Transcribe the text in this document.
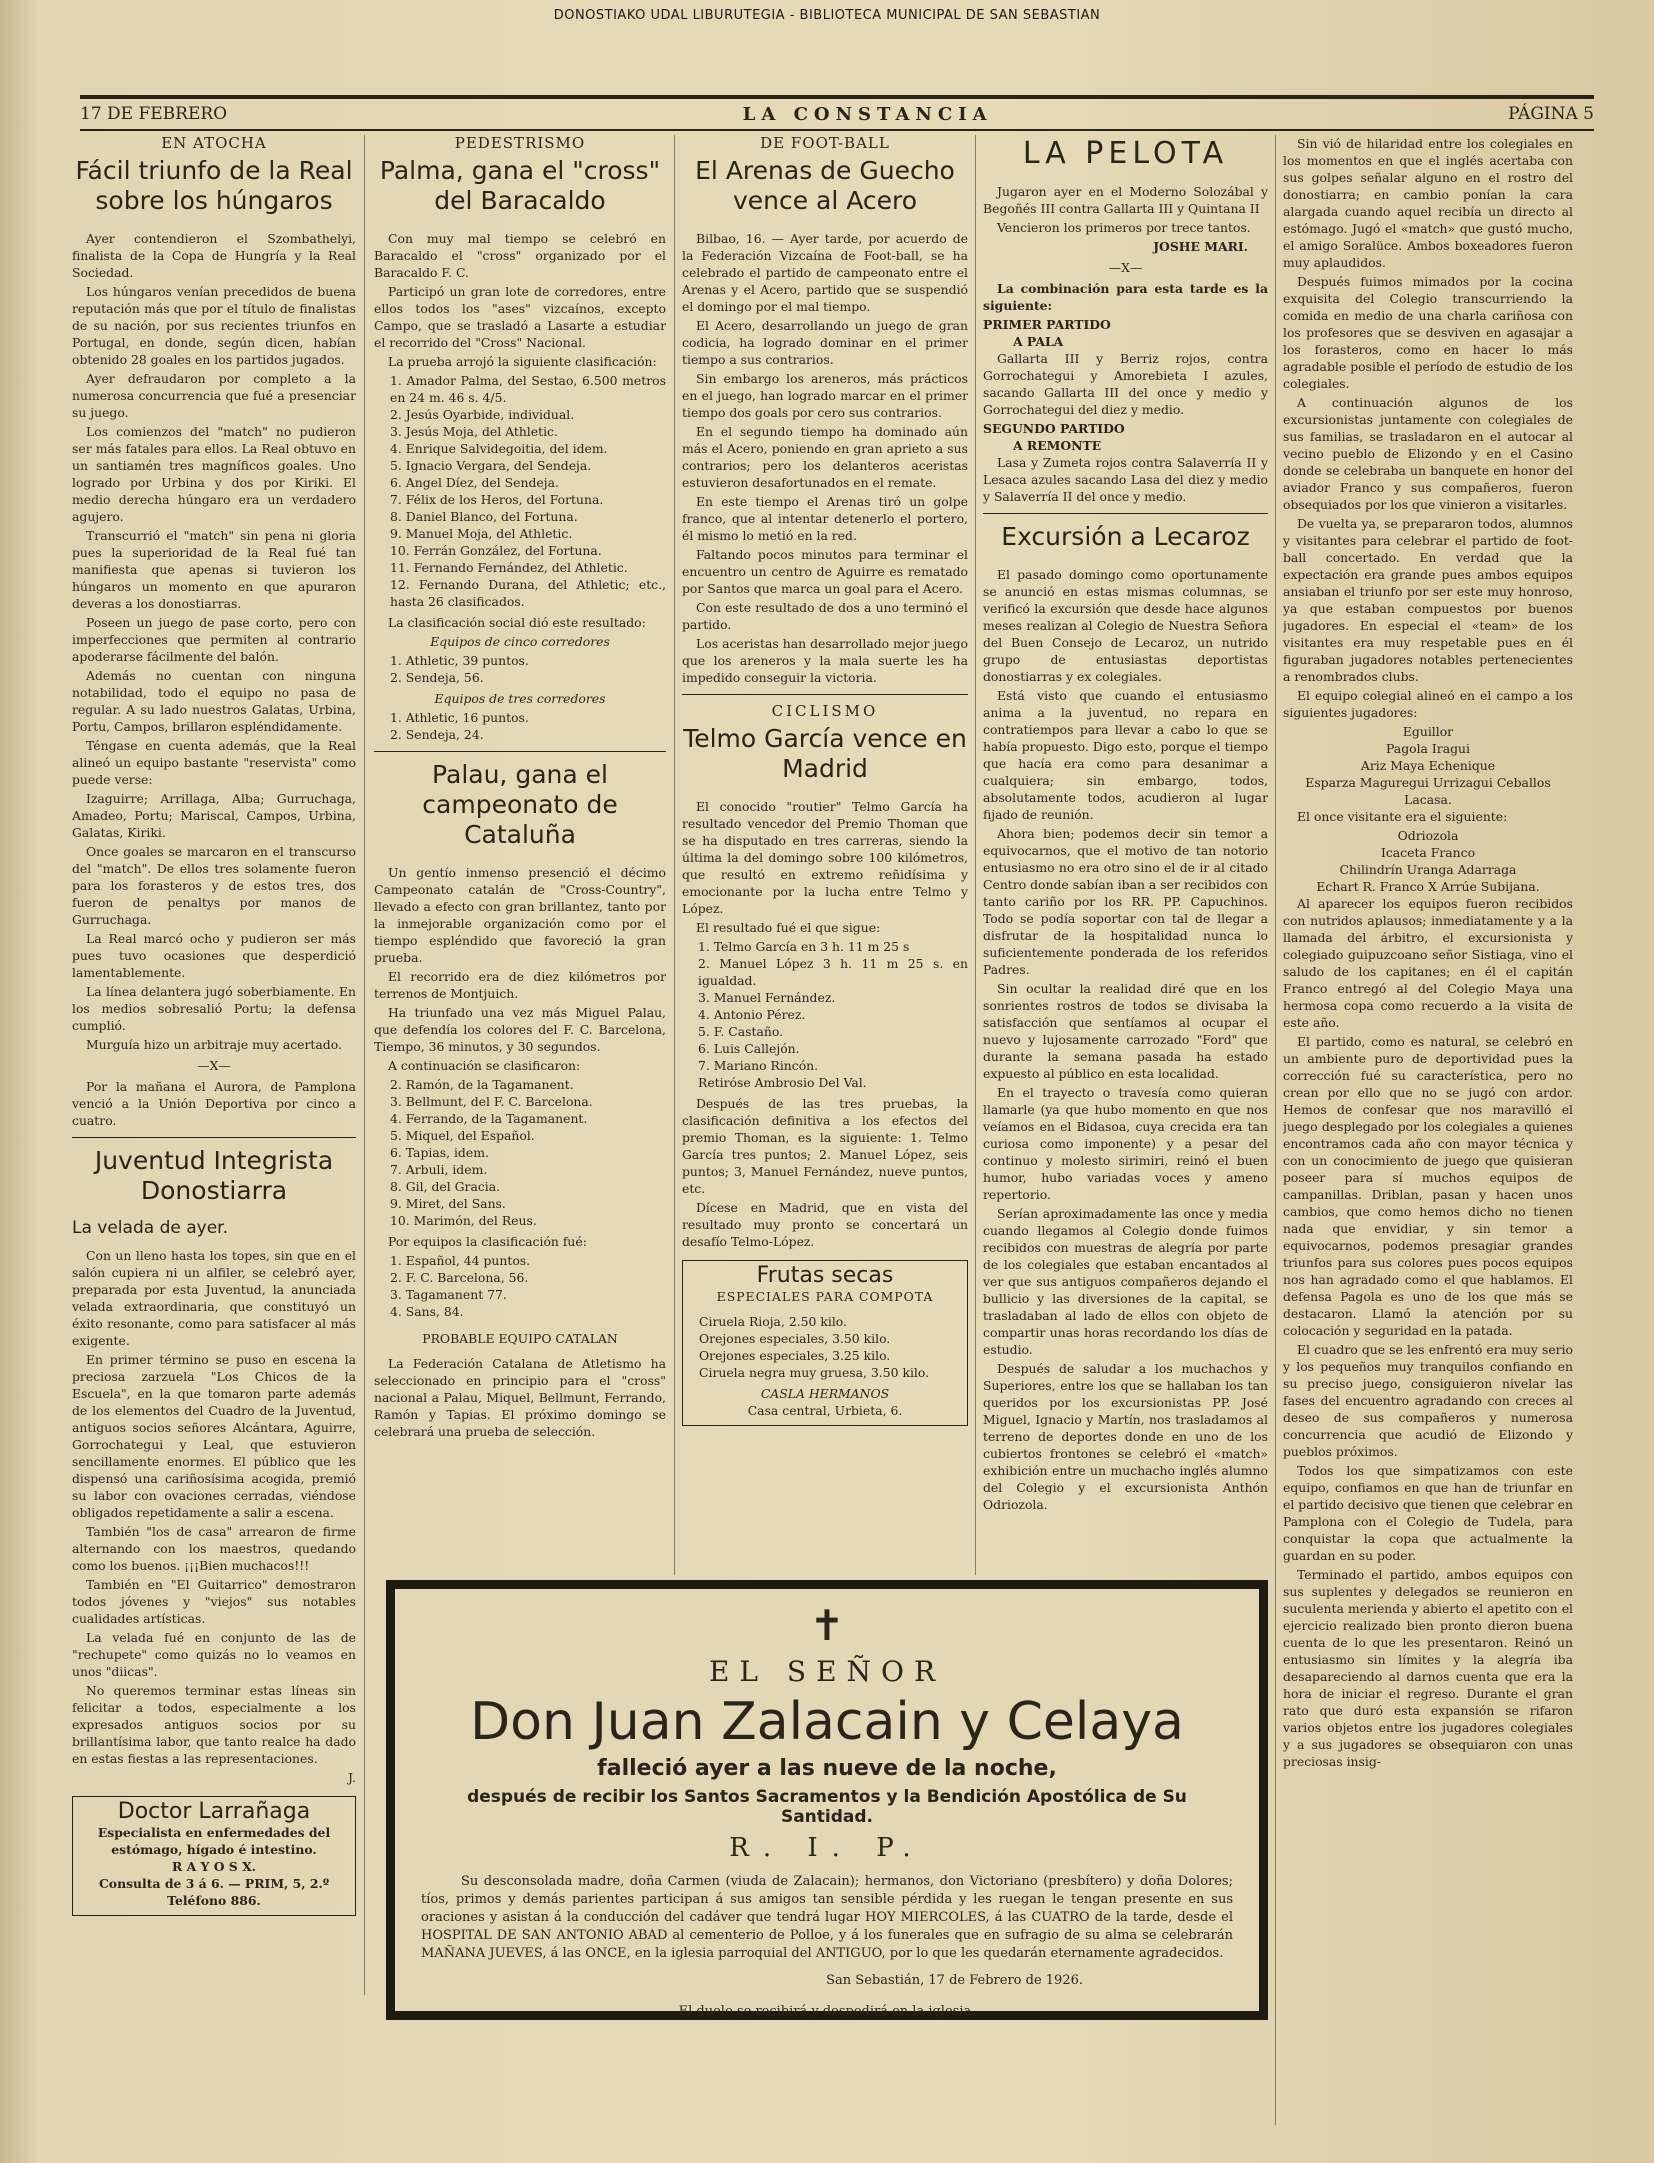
DONOSTIAKO UDAL LIBURUTEGIA - BIBLIOTECA MUNICIPAL DE SAN SEBASTIAN
17 DE FEBRERO	LA CONSTANCIA	PÁGINA 5
EN ATOCHA
Fácil triunfo de la Real sobre los húngaros

Ayer contendieron el Szombathelyi, finalista de la Copa de Hungría y la Real Sociedad.

Los húngaros venían precedidos de buena reputación más que por el título de finalistas de su nación, por sus recientes triunfos en Portugal, en donde, según dicen, habían obtenido 28 goales en los partidos jugados.

Ayer defraudaron por completo a la numerosa concurrencia que fué a presenciar su juego.

Los comienzos del "match" no pudieron ser más fatales para ellos. La Real obtuvo en un santiamén tres magníficos goales. Uno logrado por Urbina y dos por Kiriki. El medio derecha húngaro era un verdadero agujero.

Transcurrió el "match" sin pena ni gloria pues la superioridad de la Real fué tan manifiesta que apenas si tuvieron los húngaros un momento en que apuraron deveras a los donostiarras.

Poseen un juego de pase corto, pero con imperfecciones que permiten al contrario apoderarse fácilmente del balón.

Además no cuentan con ninguna notabilidad, todo el equipo no pasa de regular. A su lado nuestros Galatas, Urbina, Portu, Campos, brillaron espléndidamente.

Téngase en cuenta además, que la Real alineó un equipo bastante "reservista" como puede verse:

Izaguirre; Arrillaga, Alba; Gurruchaga, Amadeo, Portu; Mariscal, Campos, Urbina, Galatas, Kiriki.

Once goales se marcaron en el transcurso del "match". De ellos tres solamente fueron para los forasteros y de estos tres, dos fueron de penaltys por manos de Gurruchaga.

La Real marcó ocho y pudieron ser más pues tuvo ocasiones que desperdició lamentablemente.

La línea delantera jugó soberbiamente. En los medios sobresalió Portu; la defensa cumplió.

Murguía hizo un arbitraje muy acertado.

—X—

Por la mañana el Aurora, de Pamplona venció a la Unión Deportiva por cinco a cuatro.

Juventud Integrista Donostiarra
La velada de ayer.

Con un lleno hasta los topes, sin que en el salón cupiera ni un alfiler, se celebró ayer, preparada por esta Juventud, la anunciada velada extraordinaria, que constituyó un éxito resonante, como para satisfacer al más exigente.

En primer término se puso en escena la preciosa zarzuela "Los Chicos de la Escuela", en la que tomaron parte además de los elementos del Cuadro de la Juventud, antiguos socios señores Alcántara, Aguirre, Gorrochategui y Leal, que estuvieron sencillamente enormes. El público que les dispensó una cariñosísima acogida, premió su labor con ovaciones cerradas, viéndose obligados repetidamente a salir a escena.

También "los de casa" arrearon de firme alternando con los maestros, quedando como los buenos. ¡¡¡Bien muchacos!!!

También en "El Guitarrico" demostraron todos jóvenes y "viejos" sus notables cualidades artísticas.

La velada fué en conjunto de las de "rechupete" como quizás no lo veamos en unos "diicas".

No queremos terminar estas líneas sin felicitar a todos, especialmente a los expresados antiguos socios por su brillantísima labor, que tanto realce ha dado en estas fiestas a las representaciones.

J.
Doctor Larrañaga
Especialista en enfermedades del estómago, hígado é intestino.
R A Y O S X.
Consulta de 3 á 6. — PRIM, 5, 2.º
Teléfono 886.
PEDESTRISMO
Palma, gana el "cross" del Baracaldo

Con muy mal tiempo se celebró en Baracaldo el "cross" organizado por el Baracaldo F. C.

Participó un gran lote de corredores, entre ellos todos los "ases" vizcaínos, excepto Campo, que se trasladó a Lasarte a estudiar el recorrido del "Cross" Nacional.

La prueba arrojó la siguiente clasificación:

1. Amador Palma, del Sestao, 6.500 metros en 24 m. 46 s. 4/5.
2. Jesús Oyarbide, individual.
3. Jesús Moja, del Athletic.
4. Enrique Salvidegoitia, del idem.
5. Ignacio Vergara, del Sendeja.
6. Angel Díez, del Sendeja.
7. Félix de los Heros, del Fortuna.
8. Daniel Blanco, del Fortuna.
9. Manuel Moja, del Athletic.
10. Ferrán González, del Fortuna.
11. Fernando Fernández, del Athletic.
12. Fernando Durana, del Athletic; etc., hasta 26 clasificados.

La clasificación social dió este resultado:

Equipos de cinco corredores
1. Athletic, 39 puntos.
2. Sendeja, 56.
Equipos de tres corredores
1. Athletic, 16 puntos.
2. Sendeja, 24.
Palau, gana el campeonato de Cataluña

Un gentío inmenso presenció el décimo Campeonato catalán de "Cross-Country", llevado a efecto con gran brillantez, tanto por la inmejorable organización como por el tiempo espléndido que favoreció la gran prueba.

El recorrido era de diez kilómetros por terrenos de Montjuich.

Ha triunfado una vez más Miguel Palau, que defendía los colores del F. C. Barcelona, Tiempo, 36 minutos, y 30 segundos.

A continuación se clasificaron:

2. Ramón, de la Tagamanent.
3. Bellmunt, del F. C. Barcelona.
4. Ferrando, de la Tagamanent.
5. Miquel, del Español.
6. Tapias, idem.
7. Arbuli, idem.
8. Gil, del Gracia.
9. Miret, del Sans.
10. Marimón, del Reus.

Por equipos la clasificación fué:

1. Español, 44 puntos.
2. F. C. Barcelona, 56.
3. Tagamanent 77.
4. Sans, 84.
PROBABLE EQUIPO CATALAN

La Federación Catalana de Atletismo ha seleccionado en principio para el "cross" nacional a Palau, Miquel, Bellmunt, Ferrando, Ramón y Tapias. El próximo domingo se celebrará una prueba de selección.

DE FOOT-BALL
El Arenas de Guecho vence al Acero

Bilbao, 16. — Ayer tarde, por acuerdo de la Federación Vizcaína de Foot-ball, se ha celebrado el partido de campeonato entre el Arenas y el Acero, partido que se suspendió el domingo por el mal tiempo.

El Acero, desarrollando un juego de gran codicia, ha logrado dominar en el primer tiempo a sus contrarios.

Sin embargo los areneros, más prácticos en el juego, han logrado marcar en el primer tiempo dos goals por cero sus contrarios.

En el segundo tiempo ha dominado aún más el Acero, poniendo en gran aprieto a sus contrarios; pero los delanteros aceristas estuvieron desafortunados en el remate.

En este tiempo el Arenas tiró un golpe franco, que al intentar detenerlo el portero, él mismo lo metió en la red.

Faltando pocos minutos para terminar el encuentro un centro de Aguirre es rematado por Santos que marca un goal para el Acero.

Con este resultado de dos a uno terminó el partido.

Los aceristas han desarrollado mejor juego que los areneros y la mala suerte les ha impedido conseguir la victoria.

CICLISMO
Telmo García vence en Madrid

El conocido "routier" Telmo García ha resultado vencedor del Premio Thoman que se ha disputado en tres carreras, siendo la última la del domingo sobre 100 kilómetros, que resultó en extremo reñidísima y emocionante por la lucha entre Telmo y López.

El resultado fué el que sigue:

1. Telmo García en 3 h. 11 m 25 s
2. Manuel López 3 h. 11 m 25 s. en igualdad.
3. Manuel Fernández.
4. Antonio Pérez.
5. F. Castaño.
6. Luis Callejón.
7. Mariano Rincón.
Retiróse Ambrosio Del Val.

Después de las tres pruebas, la clasificación definitiva a los efectos del premio Thoman, es la siguiente: 1. Telmo García tres puntos; 2. Manuel López, seis puntos; 3, Manuel Fernández, nueve puntos, etc.

Dícese en Madrid, que en vista del resultado muy pronto se concertará un desafío Telmo-López.

Frutas secas
ESPECIALES PARA COMPOTA
Ciruela Rioja, 2.50 kilo.
Orejones especiales, 3.50 kilo.
Orejones especiales, 3.25 kilo.
Ciruela negra muy gruesa, 3.50 kilo.
CASLA HERMANOS
Casa central, Urbieta, 6.
LA PELOTA

Jugaron ayer en el Moderno Solozábal y Begoñés III contra Gallarta III y Quintana II

Vencieron los primeros por trece tantos.

JOSHE MARI.
—X—

La combinación para esta tarde es la siguiente:

PRIMER PARTIDO
A PALA

Gallarta III y Berriz rojos, contra Gorrochategui y Amorebieta I azules, sacando Gallarta III del once y medio y Gorrochategui del diez y medio.

SEGUNDO PARTIDO
A REMONTE

Lasa y Zumeta rojos contra Salaverría II y Lesaca azules sacando Lasa del diez y medio y Salaverría II del once y medio.

Excursión a Lecaroz

El pasado domingo como oportunamente se anunció en estas mismas columnas, se verificó la excursión que desde hace algunos meses realizan al Colegio de Nuestra Señora del Buen Consejo de Lecaroz, un nutrido grupo de entusiastas deportistas donostiarras y ex colegiales.

Está visto que cuando el entusiasmo anima a la juventud, no repara en contratiempos para llevar a cabo lo que se había propuesto. Digo esto, porque el tiempo que hacía era como para desanimar a cualquiera; sin embargo, todos, absolutamente todos, acudieron al lugar fijado de reunión.

Ahora bien; podemos decir sin temor a equivocarnos, que el motivo de tan notorio entusiasmo no era otro sino el de ir al citado Centro donde sabían iban a ser recibidos con tanto cariño por los RR. PP. Capuchinos. Todo se podía soportar con tal de llegar a disfrutar de la hospitalidad nunca lo suficientemente ponderada de los referidos Padres.

Sin ocultar la realidad diré que en los sonrientes rostros de todos se divisaba la satisfacción que sentíamos al ocupar el nuevo y lujosamente carrozado "Ford" que durante la semana pasada ha estado expuesto al público en esta localidad.

En el trayecto o travesía como quieran llamarle (ya que hubo momento en que nos veíamos en el Bidasoa, cuya crecida era tan curiosa como imponente) y a pesar del continuo y molesto sirimiri, reinó el buen humor, hubo variadas voces y ameno repertorio.

Serían aproximadamente las once y media cuando llegamos al Colegio donde fuimos recibidos con muestras de alegría por parte de los colegiales que estaban encantados al ver que sus antiguos compañeros dejando el bullicio y las diversiones de la capital, se trasladaban al lado de ellos con objeto de compartir unas horas recordando los días de estudio.

Después de saludar a los muchachos y Superiores, entre los que se hallaban los tan queridos por los excursionistas PP. José Miguel, Ignacio y Martín, nos trasladamos al terreno de deportes donde en uno de los cubiertos frontones se celebró el «match» exhibición entre un muchacho inglés alumno del Colegio y el excursionista Anthón Odriozola.

Sin vió de hilaridad entre los colegiales en los momentos en que el inglés acertaba con sus golpes señalar alguno en el rostro del donostiarra; en cambio ponían la cara alargada cuando aquel recibía un directo al estómago. Jugó el «match» que gustó mucho, el amigo Soralüce. Ambos boxeadores fueron muy aplaudidos.

Después fuimos mimados por la cocina exquisita del Colegio transcurriendo la comida en medio de una charla cariñosa con los profesores que se desviven en agasajar a los forasteros, como en hacer lo más agradable posible el período de estudio de los colegiales.

A continuación algunos de los excursionistas juntamente con colegiales de sus familias, se trasladaron en el autocar al vecino pueblo de Elizondo y en el Casino donde se celebraba un banquete en honor del aviador Franco y sus compañeros, fueron obsequiados por los que vinieron a visitarles.

De vuelta ya, se prepararon todos, alumnos y visitantes para celebrar el partido de foot-ball concertado. En verdad que la expectación era grande pues ambos equipos ansiaban el triunfo por ser este muy honroso, ya que estaban compuestos por buenos jugadores. En especial el «team» de los visitantes era muy respetable pues en él figuraban jugadores notables pertenecientes a renombrados clubs.

El equipo colegial alineó en el campo a los siguientes jugadores:

Eguillor
Pagola Iragui
Ariz Maya Echenique
Esparza Maguregui Urrizagui Ceballos Lacasa.

El once visitante era el siguiente:

Odriozola
Icaceta Franco
Chilindrín Uranga Adarraga
Echart R. Franco X Arrúe Subijana.

Al aparecer los equipos fueron recibidos con nutridos aplausos; inmediatamente y a la llamada del árbitro, el excursionista y colegiado guipuzcoano señor Sistiaga, vino el saludo de los capitanes; en él el capitán Franco entregó al del Colegio Maya una hermosa copa como recuerdo a la visita de este año.

El partido, como es natural, se celebró en un ambiente puro de deportividad pues la corrección fué su característica, pero no crean por ello que no se jugó con ardor. Hemos de confesar que nos maravilló el juego desplegado por los colegiales a quienes encontramos cada año con mayor técnica y con un conocimiento de juego que quisieran poseer para sí muchos equipos de campanillas. Driblan, pasan y hacen unos cambios, que como hemos dicho no tienen nada que envidiar, y sin temor a equivocarnos, podemos presagiar grandes triunfos para sus colores pues pocos equipos nos han agradado como el que hablamos. El defensa Pagola es uno de los que más se destacaron. Llamó la atención por su colocación y seguridad en la patada.

El cuadro que se les enfrentó era muy serio y los pequeños muy tranquilos confiando en su preciso juego, consiguieron nivelar las fases del encuentro agradando con creces al deseo de sus compañeros y numerosa concurrencia que acudió de Elizondo y pueblos próximos.

Todos los que simpatizamos con este equipo, confiamos en que han de triunfar en el partido decisivo que tienen que celebrar en Pamplona con el Colegio de Tudela, para conquistar la copa que actualmente la guardan en su poder.

Terminado el partido, ambos equipos con sus suplentes y delegados se reunieron en suculenta merienda y abierto el apetito con el ejercicio realizado bien pronto dieron buena cuenta de lo que les presentaron. Reinó un entusiasmo sin límites y la alegría iba desapareciendo al darnos cuenta que era la hora de iniciar el regreso. Durante el gran rato que duró esta expansión se rifaron varios objetos entre los jugadores colegiales y a sus jugadores se obsequiaron con unas preciosas insig-

✝
EL SEÑOR
Don Juan Zalacain y Celaya
falleció ayer a las nueve de la noche,
después de recibir los Santos Sacramentos y la Bendición Apostólica de Su Santidad.
R. I. P.
Su desconsolada madre, doña Carmen (viuda de Zalacain); hermanos, don Victoriano (presbítero) y doña Dolores; tíos, primos y demás parientes participan á sus amigos tan sensible pérdida y les ruegan le tengan presente en sus oraciones y asistan á la conducción del cadáver que tendrá lugar HOY MIERCOLES, á las CUATRO de la tarde, desde el HOSPITAL DE SAN ANTONIO ABAD al cementerio de Polloe, y á los funerales que en sufragio de su alma se celebrarán MAÑANA JUEVES, á las ONCE, en la iglesia parroquial del ANTIGUO, por lo que les quedarán eternamente agradecidos.
San Sebastián, 17 de Febrero de 1926.
El duelo se recibirá y despedirá en la iglesia.
